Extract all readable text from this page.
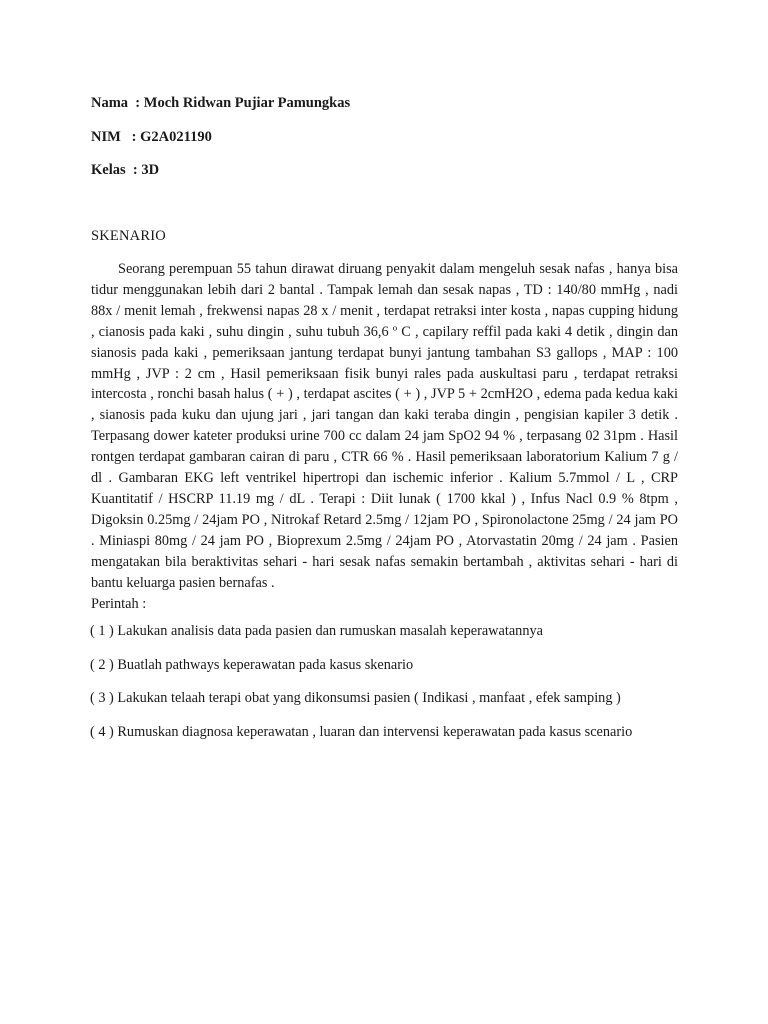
Nama  : Moch Ridwan Pujiar Pamungkas
NIM   : G2A021190
Kelas  : 3D
SKENARIO

Seorang perempuan 55 tahun dirawat diruang penyakit dalam mengeluh sesak nafas , hanya bisa tidur menggunakan lebih dari 2 bantal . Tampak lemah dan sesak napas , TD : 140/80 mmHg , nadi 88x / menit lemah , frekwensi napas 28 x / menit , terdapat retraksi inter kosta , napas cupping hidung , cianosis pada kaki , suhu dingin , suhu tubuh 36,6 º C , capilary reffil pada kaki 4 detik , dingin dan sianosis pada kaki , pemeriksaan jantung terdapat bunyi jantung tambahan S3 gallops , MAP : 100 mmHg , JVP : 2 cm , Hasil pemeriksaan fisik bunyi rales pada auskultasi paru , terdapat retraksi intercosta , ronchi basah halus ( + ) , terdapat ascites ( + ) , JVP 5 + 2cmH2O , edema pada kedua kaki , sianosis pada kuku dan ujung jari , jari tangan dan kaki teraba dingin , pengisian kapiler 3 detik . Terpasang dower kateter produksi urine 700 cc dalam 24 jam SpO2 94 % , terpasang 02 31pm . Hasil rontgen terdapat gambaran cairan di paru , CTR 66 % . Hasil pemeriksaan laboratorium Kalium 7 g / dl . Gambaran EKG left ventrikel hipertropi dan ischemic inferior . Kalium 5.7mmol / L , CRP Kuantitatif / HSCRP 11.19 mg / dL . Terapi : Diit lunak ( 1700 kkal ) , Infus Nacl 0.9 % 8tpm , Digoksin 0.25mg / 24jam PO , Nitrokaf Retard 2.5mg / 12jam PO , Spironolactone 25mg / 24 jam PO . Miniaspi 80mg / 24 jam PO , Bioprexum 2.5mg / 24jam PO , Atorvastatin 20mg / 24 jam . Pasien mengatakan bila beraktivitas sehari - hari sesak nafas semakin bertambah , aktivitas sehari - hari di bantu keluarga pasien bernafas .
Perintah :

( 1 ) Lakukan analisis data pada pasien dan rumuskan masalah keperawatannya
( 2 ) Buatlah pathways keperawatan pada kasus skenario
( 3 ) Lakukan telaah terapi obat yang dikonsumsi pasien ( Indikasi , manfaat , efek samping )
( 4 ) Rumuskan diagnosa keperawatan , luaran dan intervensi keperawatan pada kasus scenario
